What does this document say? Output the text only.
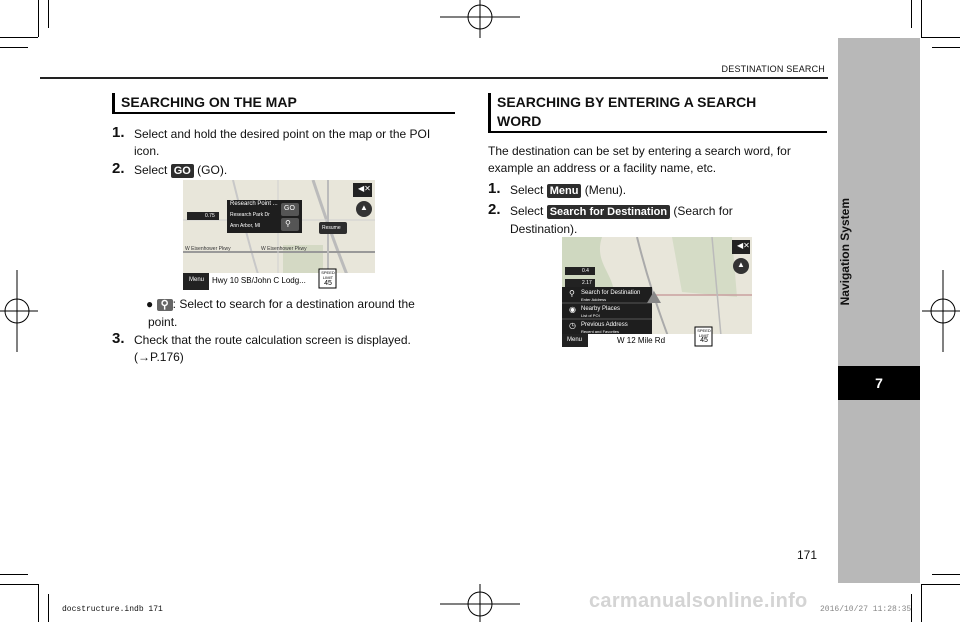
DESTINATION SEARCH
Navigation System
7
SEARCHING ON THE MAP
1. Select and hold the desired point on the map or the POI icon.
2. Select GO (GO).
Research Point ...
Research Park Dr
Ann Arbor, MI
GO
⚲	Resume
◀✕
▲
0.75
Menu Hwy 10 SB/John C Lodg...
SPEED LIMIT
45
W Eisenhower Pkwy	W Eisenhower Pkwy
● ⚲ : Select to search for a destination around the
point.
3. Check that the route calculation screen is displayed.
(→P.176)
SEARCHING BY ENTERING A SEARCH
WORD
The destination can be set by entering a search word, for
example an address or a facility name, etc.
1. Select Menu (Menu).
2. Select Search for Destination (Search for
Destination).
⚲ Search for Destination
Enter Address
◉ Nearby Places
List of POI
◷ Previous Address
Recent and Favorites
◀✕
▲
0.4
2.17
Menu	W 12 Mile Rd
SPEED LIMIT
45
171
docstructure.indb 171	2016/10/27 11:28:35
carmanualsonline.info
